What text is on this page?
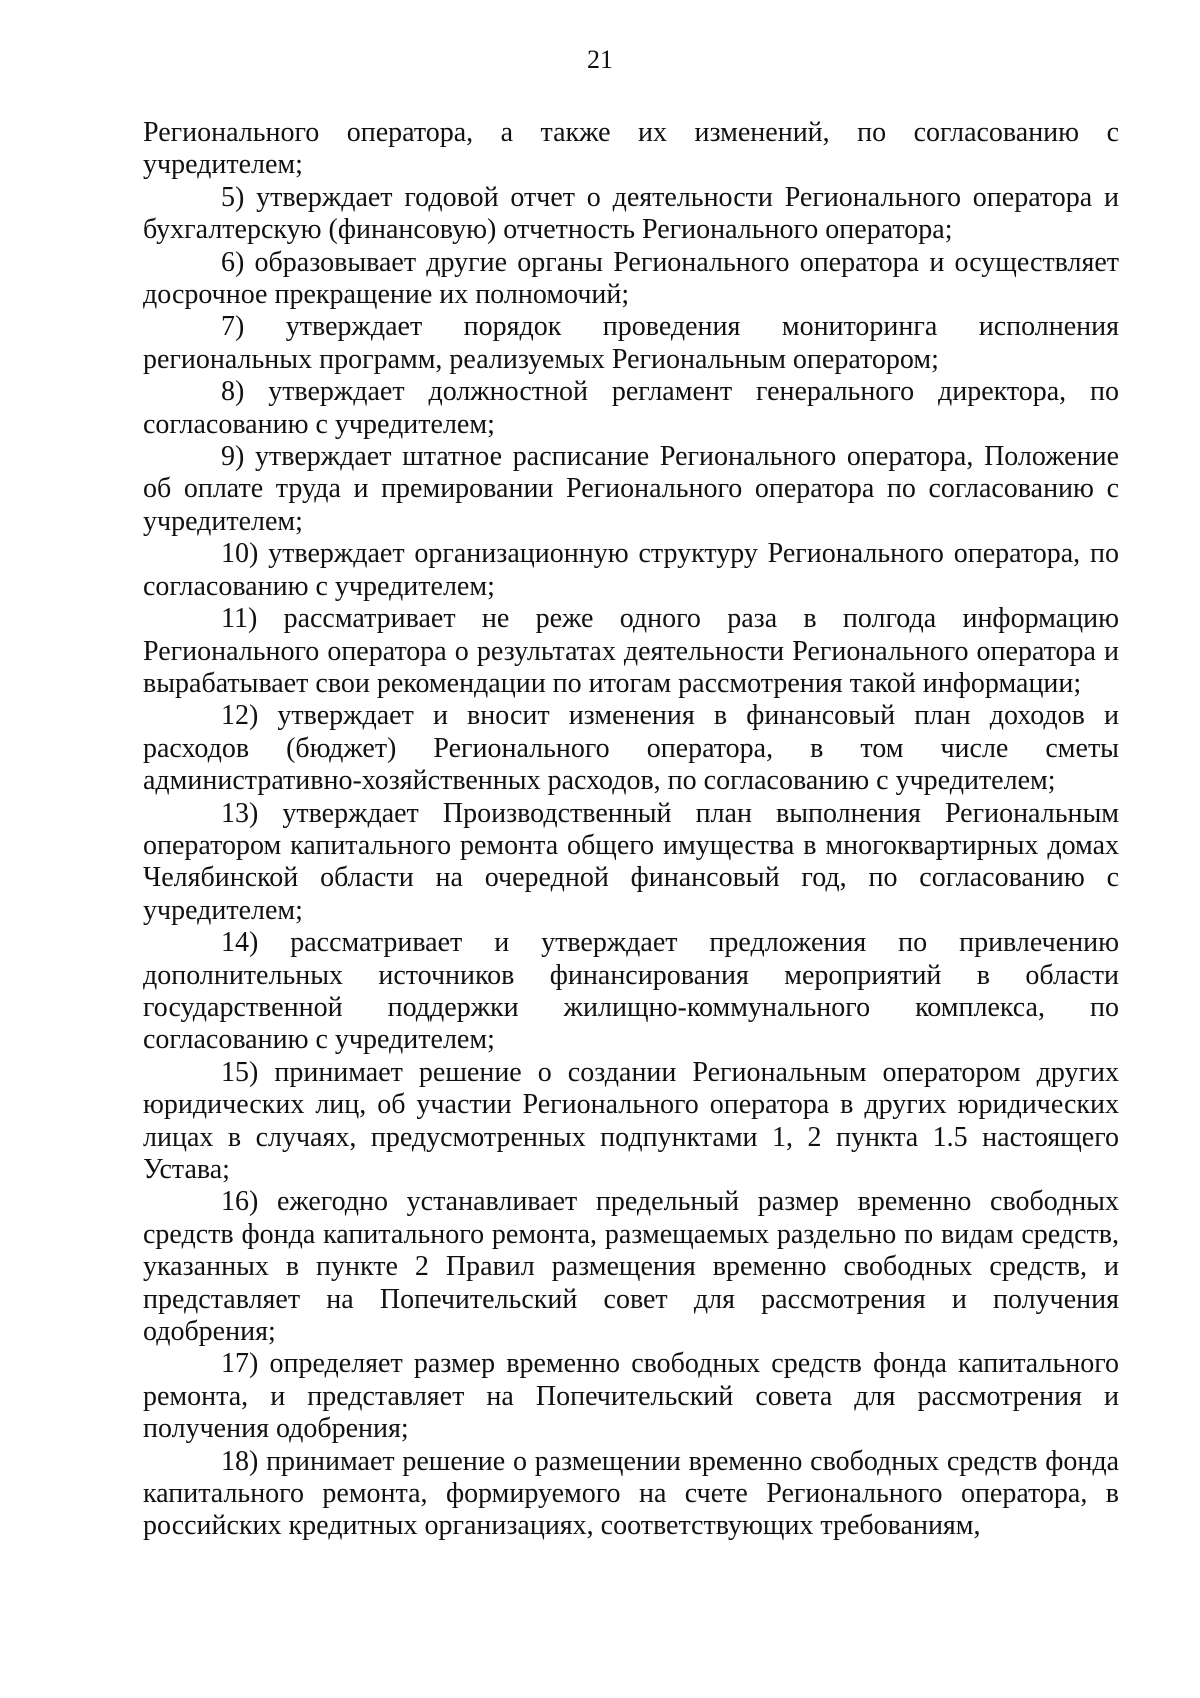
21

Регионального оператора, а также их изменений, по согласованию с учредителем;

5) утверждает годовой отчет о деятельности Регионального оператора и бухгалтерскую (финансовую) отчетность Регионального оператора;

6) образовывает другие органы Регионального оператора и осуществляет досрочное прекращение их полномочий;

7) утверждает порядок проведения мониторинга исполнения региональных программ, реализуемых Региональным оператором;

8) утверждает должностной регламент генерального директора, по согласованию с учредителем;

9) утверждает штатное расписание Регионального оператора, Положение об оплате труда и премировании Регионального оператора по согласованию с учредителем;

10) утверждает организационную структуру Регионального оператора, по согласованию с учредителем;

11) рассматривает не реже одного раза в полгода информацию Регионального оператора о результатах деятельности Регионального оператора и вырабатывает свои рекомендации по итогам рассмотрения такой информации;

12) утверждает и вносит изменения в финансовый план доходов и расходов (бюджет) Регионального оператора, в том числе сметы административно-хозяйственных расходов, по согласованию с учредителем;

13) утверждает Производственный план выполнения Региональным оператором капитального ремонта общего имущества в многоквартирных домах Челябинской области на очередной финансовый год, по согласованию с учредителем;

14) рассматривает и утверждает предложения по привлечению дополнительных источников финансирования мероприятий в области государственной поддержки жилищно-коммунального комплекса, по согласованию с учредителем;

15) принимает решение о создании Региональным оператором других юридических лиц, об участии Регионального оператора в других юридических лицах в случаях, предусмотренных подпунктами 1, 2 пункта 1.5 настоящего Устава;

16) ежегодно устанавливает предельный размер временно свободных средств фонда капитального ремонта, размещаемых раздельно по видам средств, указанных в пункте 2 Правил размещения временно свободных средств, и представляет на Попечительский совет для рассмотрения и получения одобрения;

17) определяет размер временно свободных средств фонда капитального ремонта, и представляет на Попечительский совета для рассмотрения и получения одобрения;

18) принимает решение о размещении временно свободных средств фонда капитального ремонта, формируемого на счете Регионального оператора, в российских кредитных организациях, соответствующих требованиям,
